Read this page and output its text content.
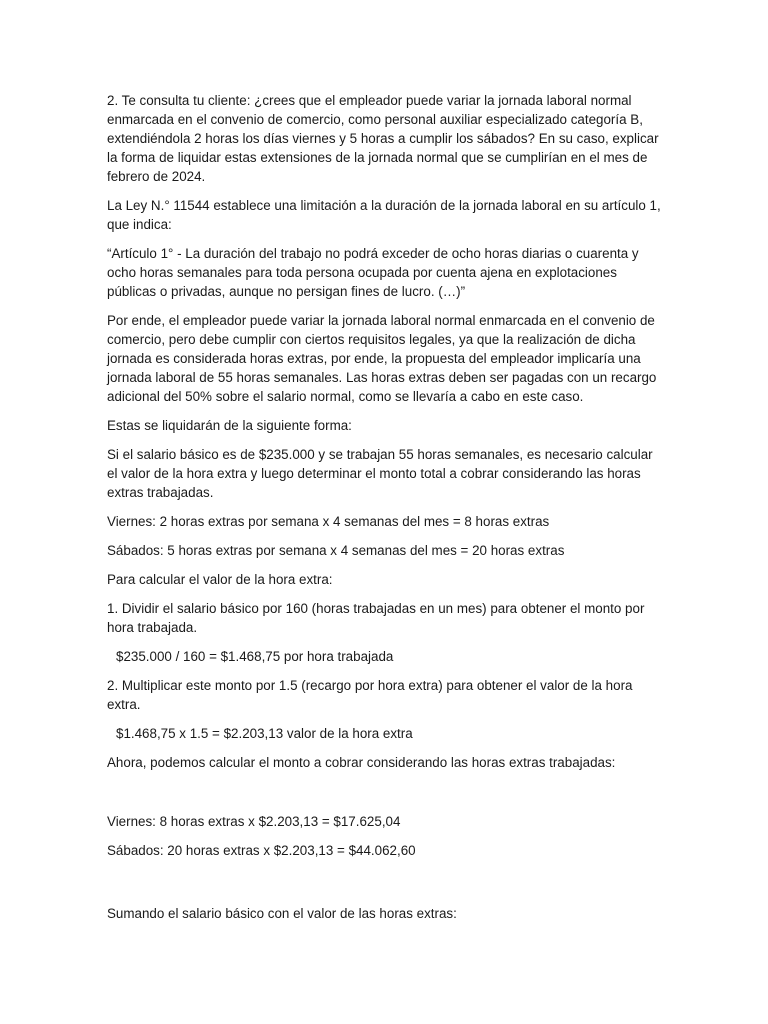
2. Te consulta tu cliente: ¿crees que el empleador puede variar la jornada laboral normal enmarcada en el convenio de comercio, como personal auxiliar especializado categoría B, extendiéndola 2 horas los días viernes y 5 horas a cumplir los sábados? En su caso, explicar la forma de liquidar estas extensiones de la jornada normal que se cumplirían en el mes de febrero de 2024.

La Ley N.° 11544 establece una limitación a la duración de la jornada laboral en su artículo 1, que indica:

“Artículo 1° - La duración del trabajo no podrá exceder de ocho horas diarias o cuarenta y ocho horas semanales para toda persona ocupada por cuenta ajena en explotaciones públicas o privadas, aunque no persigan fines de lucro. (…)”

Por ende, el empleador puede variar la jornada laboral normal enmarcada en el convenio de comercio, pero debe cumplir con ciertos requisitos legales, ya que la realización de dicha jornada es considerada horas extras, por ende, la propuesta del empleador implicaría una jornada laboral de 55 horas semanales. Las horas extras deben ser pagadas con un recargo adicional del 50% sobre el salario normal, como se llevaría a cabo en este caso.

Estas se liquidarán de la siguiente forma:

Si el salario básico es de $235.000 y se trabajan 55 horas semanales, es necesario calcular el valor de la hora extra y luego determinar el monto total a cobrar considerando las horas extras trabajadas.

Viernes: 2 horas extras por semana x 4 semanas del mes = 8 horas extras

Sábados: 5 horas extras por semana x 4 semanas del mes = 20 horas extras

Para calcular el valor de la hora extra:

1. Dividir el salario básico por 160 (horas trabajadas en un mes) para obtener el monto por hora trabajada.

$235.000 / 160 = $1.468,75 por hora trabajada

2. Multiplicar este monto por 1.5 (recargo por hora extra) para obtener el valor de la hora extra.

$1.468,75 x 1.5 = $2.203,13 valor de la hora extra

Ahora, podemos calcular el monto a cobrar considerando las horas extras trabajadas:

Viernes: 8 horas extras x $2.203,13 = $17.625,04

Sábados: 20 horas extras x $2.203,13 = $44.062,60

Sumando el salario básico con el valor de las horas extras:
